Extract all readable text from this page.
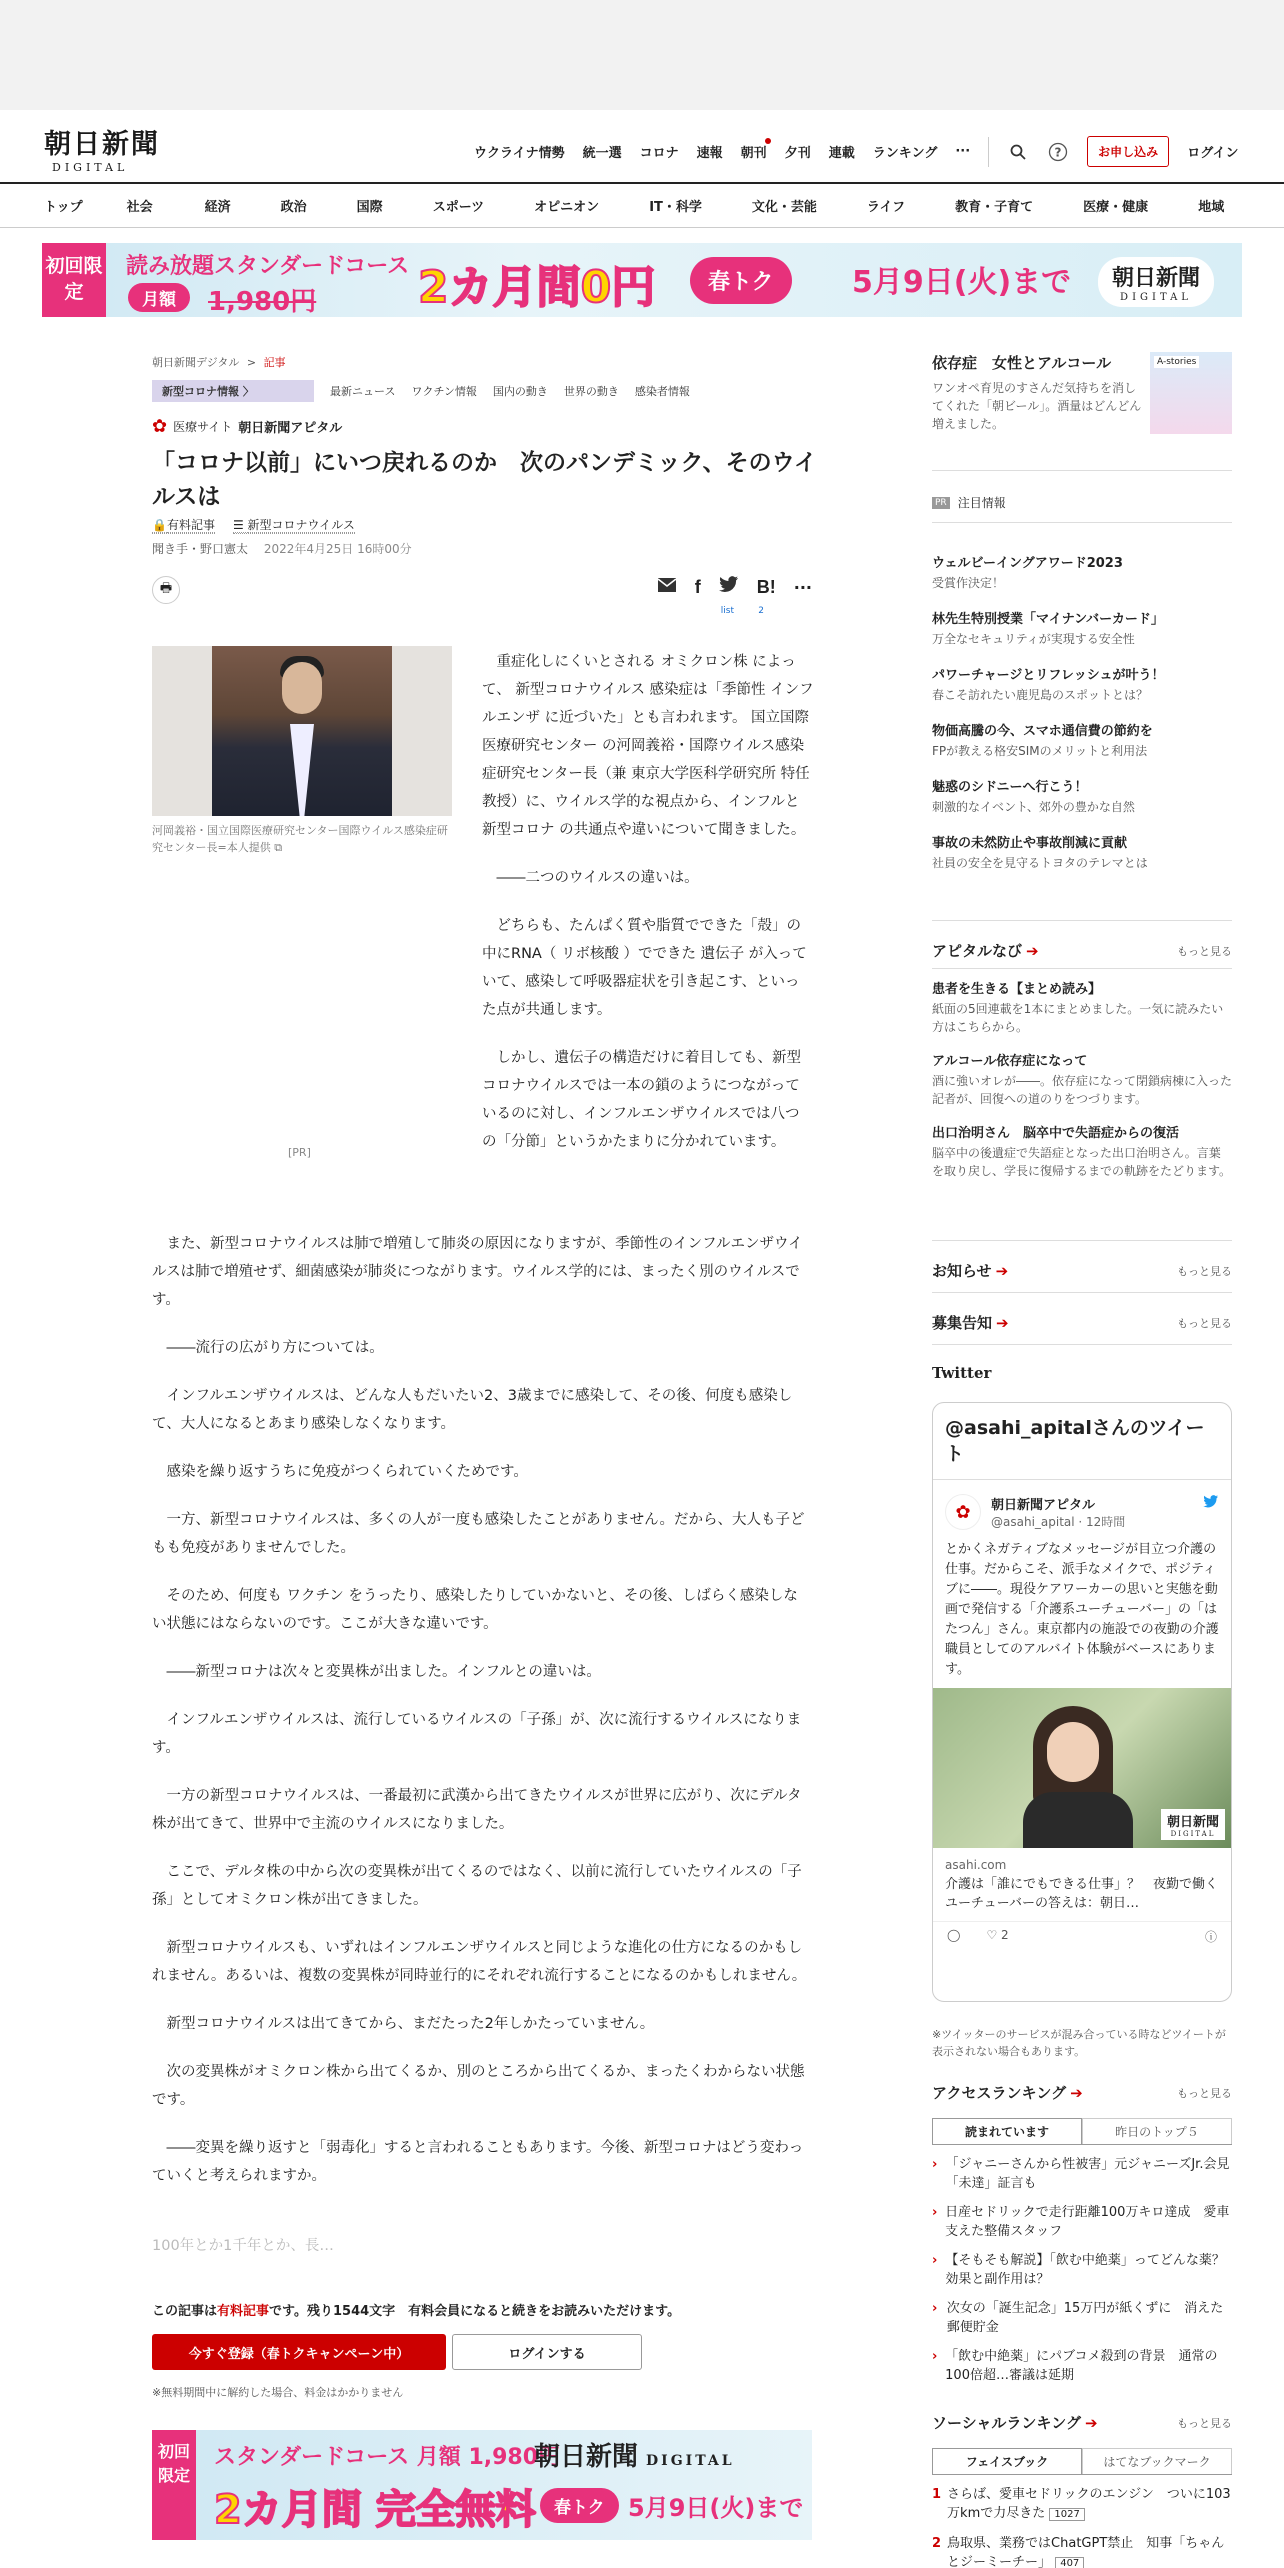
朝日新聞
DIGITAL
ウクライナ情勢 統一選 コロナ 速報 朝刊 夕刊 連載 ランキング ···	?	お申し込み	ログイン
トップ	社会	経済	政治	国際	スポーツ	オピニオン	IT・科学	文化・芸能	ライフ	教育・子育て	医療・健康	地域
初回限定
読み放題スタンダードコース
月額	1,980円 2カ月間0円	春トク	5月9日(火)まで 朝日新聞
DIGITAL
朝日新聞デジタル > 記事
新型コロナ情報 〉	最新ニュース ワクチン情報 国内の動き 世界の動き 感染者情報
✿ 医療サイト 朝日新聞アピタル
「コロナ以前」にいつ戻れるのか　次のパンデミック、そのウイルスは
🔒有料記事 ☰ 新型コロナウイルス
聞き手・野口憲太 2022年4月25日 16時00分
🖶	f	B! ···
list	2
河岡義裕・国立国際医療研究センター国際ウイルス感染症研究センター長=本人提供 ⧉
[PR]

重症化しにくいとされる オミクロン株 によって、 新型コロナウイルス 感染症は「季節性 インフルエンザ に近づいた」とも言われます。 国立国際医療研究センター の河岡義裕・国際ウイルス感染症研究センター長（兼 東京大学医科学研究所 特任教授）に、ウイルス学的な視点から、インフルと 新型コロナ の共通点や違いについて聞きました。

――二つのウイルスの違いは。

どちらも、たんぱく質や脂質でできた「殻」の中にRNA（ リボ核酸 ）でできた 遺伝子 が入っていて、感染して呼吸器症状を引き起こす、といった点が共通します。

しかし、遺伝子の構造だけに着目しても、新型コロナウイルスでは一本の鎖のようにつながっているのに対し、インフルエンザウイルスでは八つの「分節」というかたまりに分かれています。

また、新型コロナウイルスは肺で増殖して肺炎の原因になりますが、季節性のインフルエンザウイルスは肺で増殖せず、細菌感染が肺炎につながります。ウイルス学的には、まったく別のウイルスです。

――流行の広がり方については。

インフルエンザウイルスは、どんな人もだいたい2、3歳までに感染して、その後、何度も感染して、大人になるとあまり感染しなくなります。

感染を繰り返すうちに免疫がつくられていくためです。

一方、新型コロナウイルスは、多くの人が一度も感染したことがありません。だから、大人も子どもも免疫がありませんでした。

そのため、何度も ワクチン をうったり、感染したりしていかないと、その後、しばらく感染しない状態にはならないのです。ここが大きな違いです。

――新型コロナは次々と変異株が出ました。インフルとの違いは。

インフルエンザウイルスは、流行しているウイルスの「子孫」が、次に流行するウイルスになります。

一方の新型コロナウイルスは、一番最初に武漢から出てきたウイルスが世界に広がり、次にデルタ株が出てきて、世界中で主流のウイルスになりました。

ここで、デルタ株の中から次の変異株が出てくるのではなく、以前に流行していたウイルスの「子孫」としてオミクロン株が出てきました。

新型コロナウイルスも、いずれはインフルエンザウイルスと同じような進化の仕方になるのかもしれません。あるいは、複数の変異株が同時並行的にそれぞれ流行することになるのかもしれません。

新型コロナウイルスは出てきてから、まだたった2年しかたっていません。

次の変異株がオミクロン株から出てくるか、別のところから出てくるか、まったくわからない状態です。

――変異を繰り返すと「弱毒化」すると言われることもあります。今後、新型コロナはどう変わっていくと考えられますか。

100年とか1千年とか、長…
この記事は有料記事です。残り1544文字　有料会員になると続きをお読みいただけます。
今すぐ登録（春トクキャンペーン中）	ログインする
※無料期間中に解約した場合、料金はかかりません
初回限定
スタンダードコース 月額 1,980円
朝日新聞 DIGITAL
2カ月間 完全無料	春トク 5月9日(火)まで
依存症　女性とアルコール
ワンオペ育児のすさんだ気持ちを消してくれた「朝ビール」。酒量はどんどん増えました。
A-stories
PR 注目情報
ウェルビーイングアワード2023
受賞作決定！
林先生特別授業「マイナンバーカード」
万全なセキュリティが実現する安全性
パワーチャージとリフレッシュが叶う！
春こそ訪れたい鹿児島のスポットとは？
物価高騰の今、スマホ通信費の節約を
FPが教える格安SIMのメリットと利用法
魅惑のシドニーへ行こう！
刺激的なイベント、郊外の豊かな自然
事故の未然防止や事故削減に貢献
社員の安全を見守るトヨタのテレマとは
アピタルなび ➔	もっと見る
患者を生きる【まとめ読み】
紙面の5回連載を1本にまとめました。一気に読みたい方はこちらから。
アルコール依存症になって
酒に強いオレが――。依存症になって閉鎖病棟に入った記者が、回復への道のりをつづります。
出口治明さん　脳卒中で失語症からの復活
脳卒中の後遺症で失語症となった出口治明さん。言葉を取り戻し、学長に復帰するまでの軌跡をたどります。
お知らせ ➔	もっと見る
募集告知 ➔	もっと見る
Twitter
@asahi_apitalさんのツイート
✿	朝日新聞アピタル
@asahi_apital · 12時間
とかくネガティブなメッセージが目立つ介護の仕事。だからこそ、派手なメイクで、ポジティブに――。現役ケアワーカーの思いと実態を動画で発信する「介護系ユーチューバー」の「はたつん」さん。東京都内の施設での夜勤の介護職員としてのアルバイト体験がベースにあります。
朝日新聞
DIGITAL
asahi.com
介護は「誰にでもできる仕事」？　夜勤で働くユーチューバーの答えは：朝日…
◯ ♡ 2	ⓘ
※ツイッターのサービスが混み合っている時などツイートが表示されない場合もあります。
アクセスランキング ➔	もっと見る
読まれています	昨日のトップ５
› 「ジャニーさんから性被害」元ジャニーズJr.会見　「未達」証言も
› 日産セドリックで走行距離100万キロ達成　愛車支えた整備スタッフ
› 【そもそも解説】「飲む中絶薬」ってどんな薬？ 効果と副作用は？
› 次女の「誕生記念」15万円が紙くずに　消えた郵便貯金
› 「飲む中絶薬」にパブコメ殺到の背景　通常の100倍超…審議は延期
ソーシャルランキング ➔	もっと見る
フェイスブック	はてなブックマーク
1 さらば、愛車セドリックのエンジン　ついに103万kmで力尽きた 1027
2 鳥取県、業務ではChatGPT禁止　知事「ちゃんとジーミーチー」 407
